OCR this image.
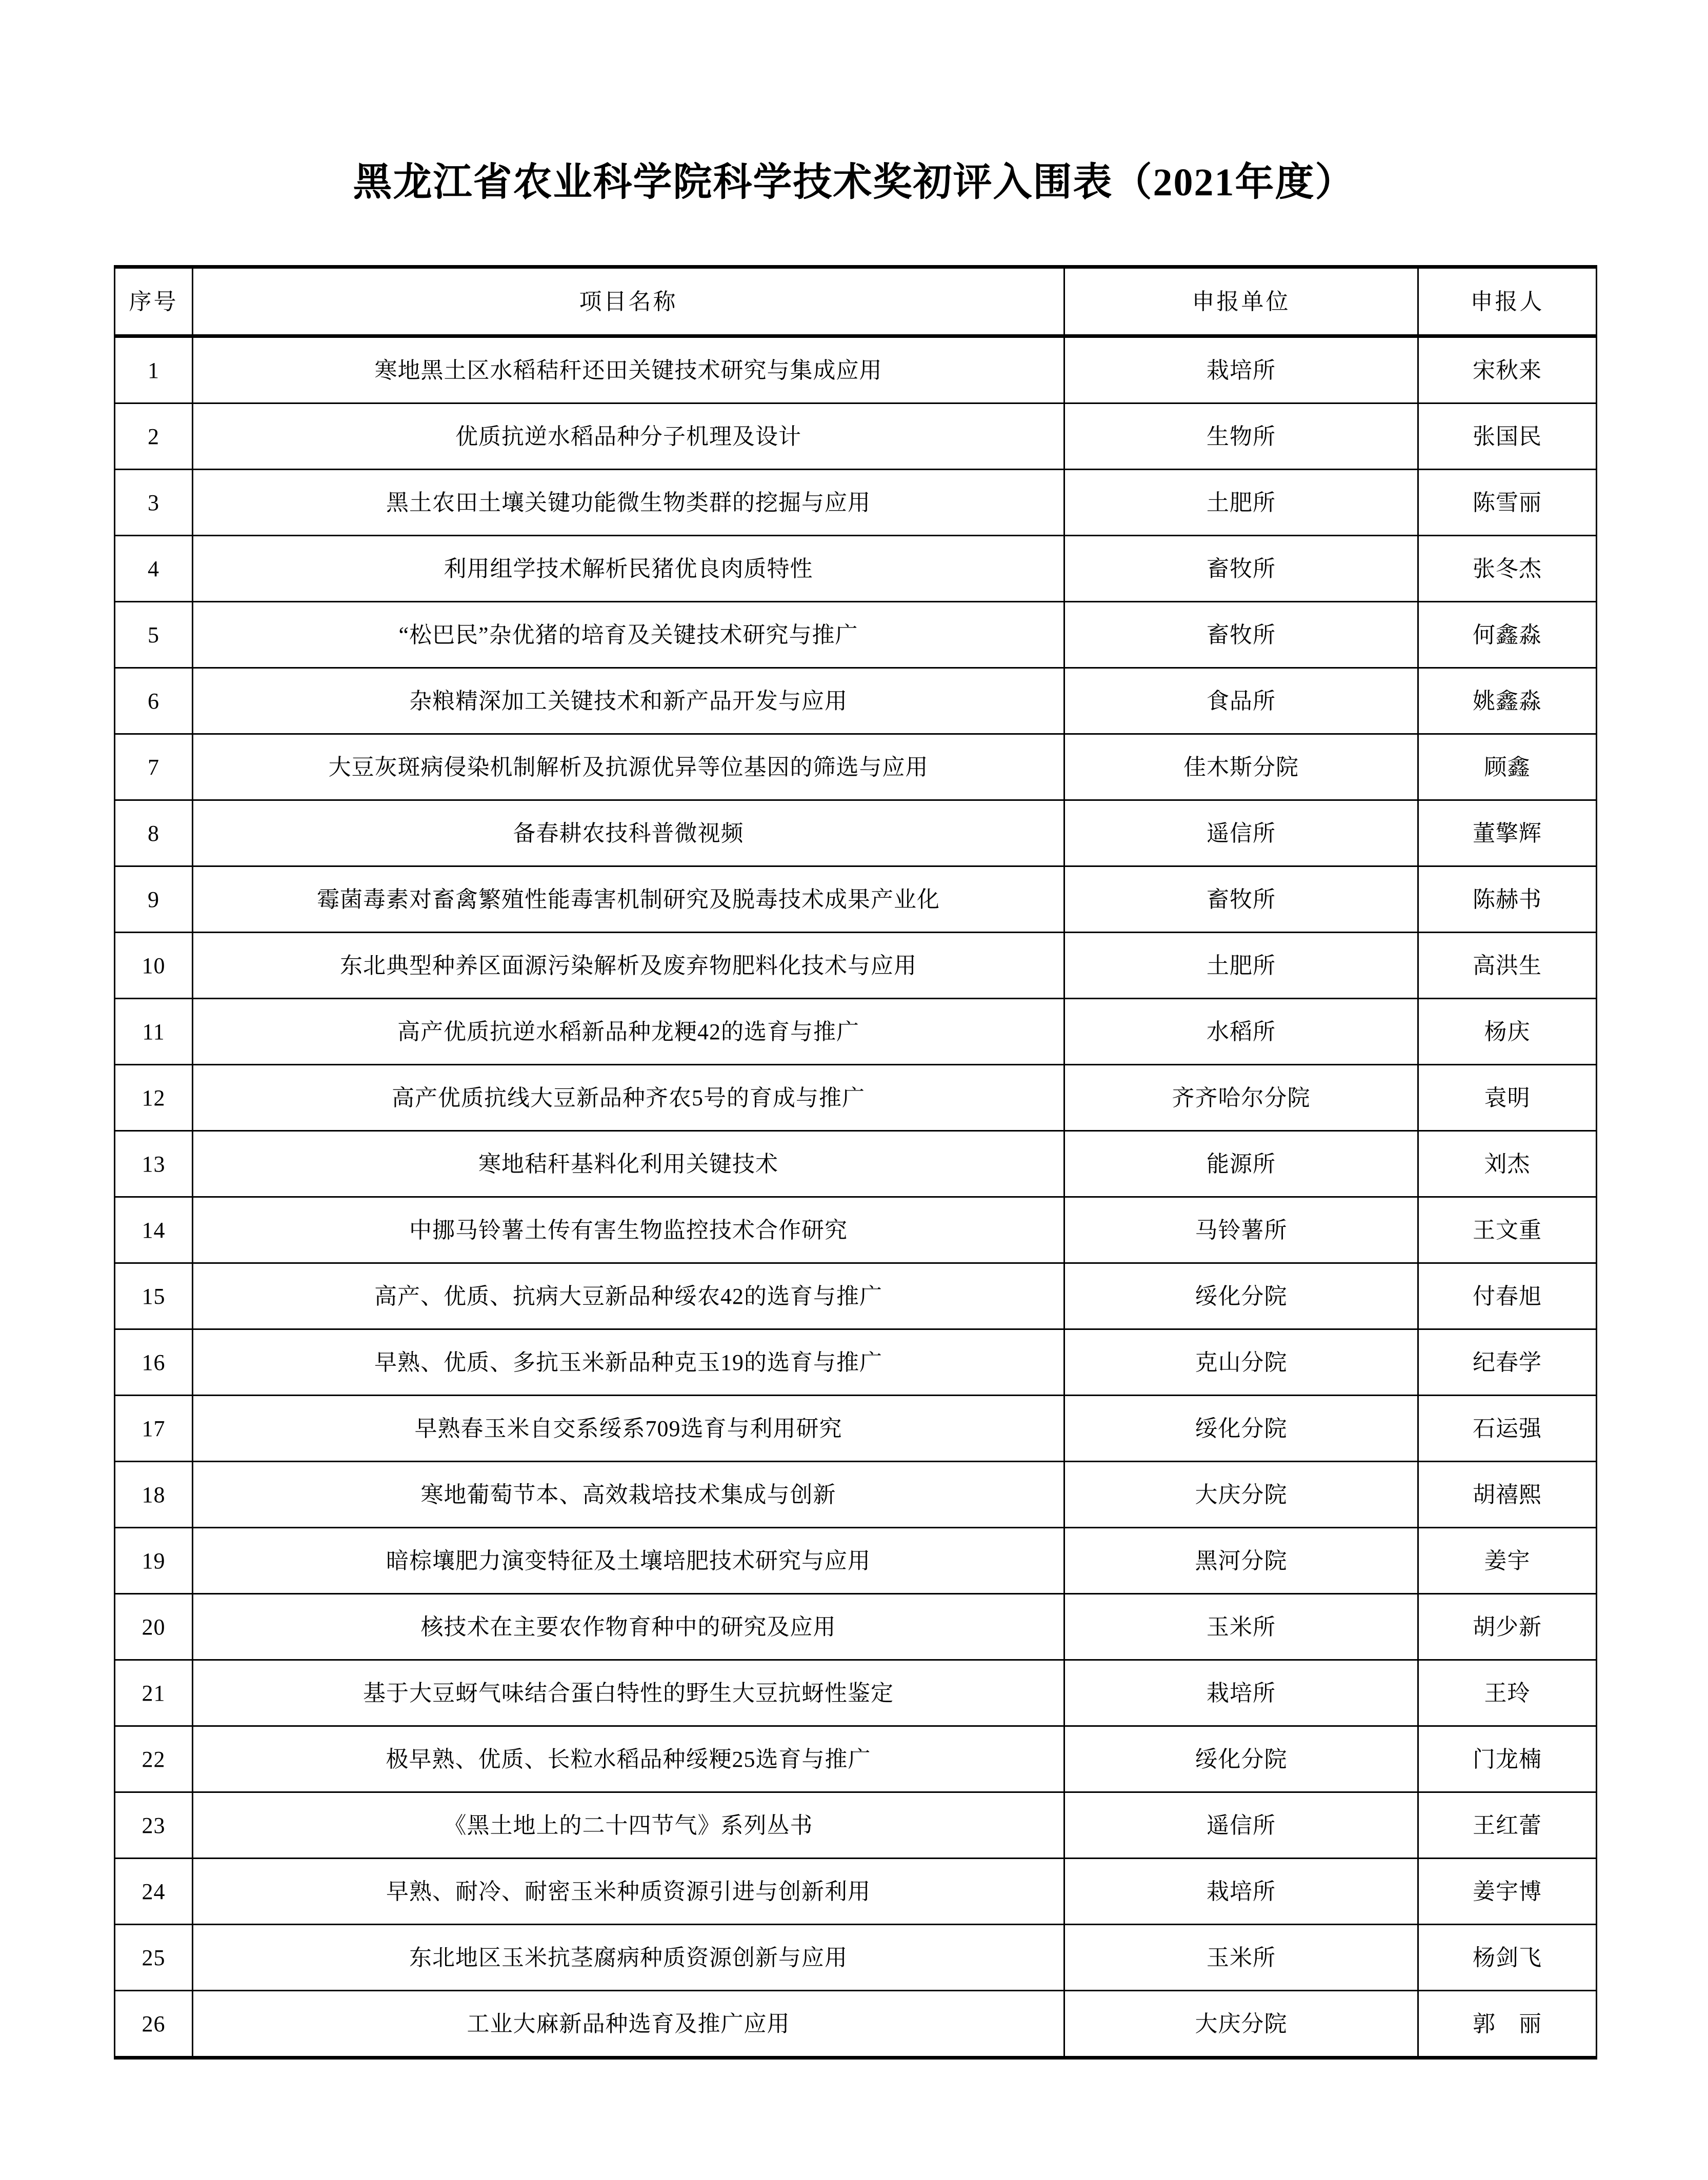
黑龙江省农业科学院科学技术奖初评入围表（2021年度）
序号	项目名称	申报单位	申报人
1	寒地黑土区水稻秸秆还田关键技术研究与集成应用	栽培所	宋秋来
2	优质抗逆水稻品种分子机理及设计	生物所	张国民
3	黑土农田土壤关键功能微生物类群的挖掘与应用	土肥所	陈雪丽
4	利用组学技术解析民猪优良肉质特性	畜牧所	张冬杰
5	“松巴民”杂优猪的培育及关键技术研究与推广	畜牧所	何鑫淼
6	杂粮精深加工关键技术和新产品开发与应用	食品所	姚鑫淼
7	大豆灰斑病侵染机制解析及抗源优异等位基因的筛选与应用	佳木斯分院	顾鑫
8	备春耕农技科普微视频	遥信所	董擎辉
9	霉菌毒素对畜禽繁殖性能毒害机制研究及脱毒技术成果产业化	畜牧所	陈赫书
10	东北典型种养区面源污染解析及废弃物肥料化技术与应用	土肥所	高洪生
11	高产优质抗逆水稻新品种龙粳42的选育与推广	水稻所	杨庆
12	高产优质抗线大豆新品种齐农5号的育成与推广	齐齐哈尔分院	袁明
13	寒地秸秆基料化利用关键技术	能源所	刘杰
14	中挪马铃薯土传有害生物监控技术合作研究	马铃薯所	王文重
15	高产、优质、抗病大豆新品种绥农42的选育与推广	绥化分院	付春旭
16	早熟、优质、多抗玉米新品种克玉19的选育与推广	克山分院	纪春学
17	早熟春玉米自交系绥系709选育与利用研究	绥化分院	石运强
18	寒地葡萄节本、高效栽培技术集成与创新	大庆分院	胡禧熙
19	暗棕壤肥力演变特征及土壤培肥技术研究与应用	黑河分院	姜宇
20	核技术在主要农作物育种中的研究及应用	玉米所	胡少新
21	基于大豆蚜气味结合蛋白特性的野生大豆抗蚜性鉴定	栽培所	王玲
22	极早熟、优质、长粒水稻品种绥粳25选育与推广	绥化分院	门龙楠
23	《黑土地上的二十四节气》系列丛书	遥信所	王红蕾
24	早熟、耐冷、耐密玉米种质资源引进与创新利用	栽培所	姜宇博
25	东北地区玉米抗茎腐病种质资源创新与应用	玉米所	杨剑飞
26	工业大麻新品种选育及推广应用	大庆分院	郭　丽
